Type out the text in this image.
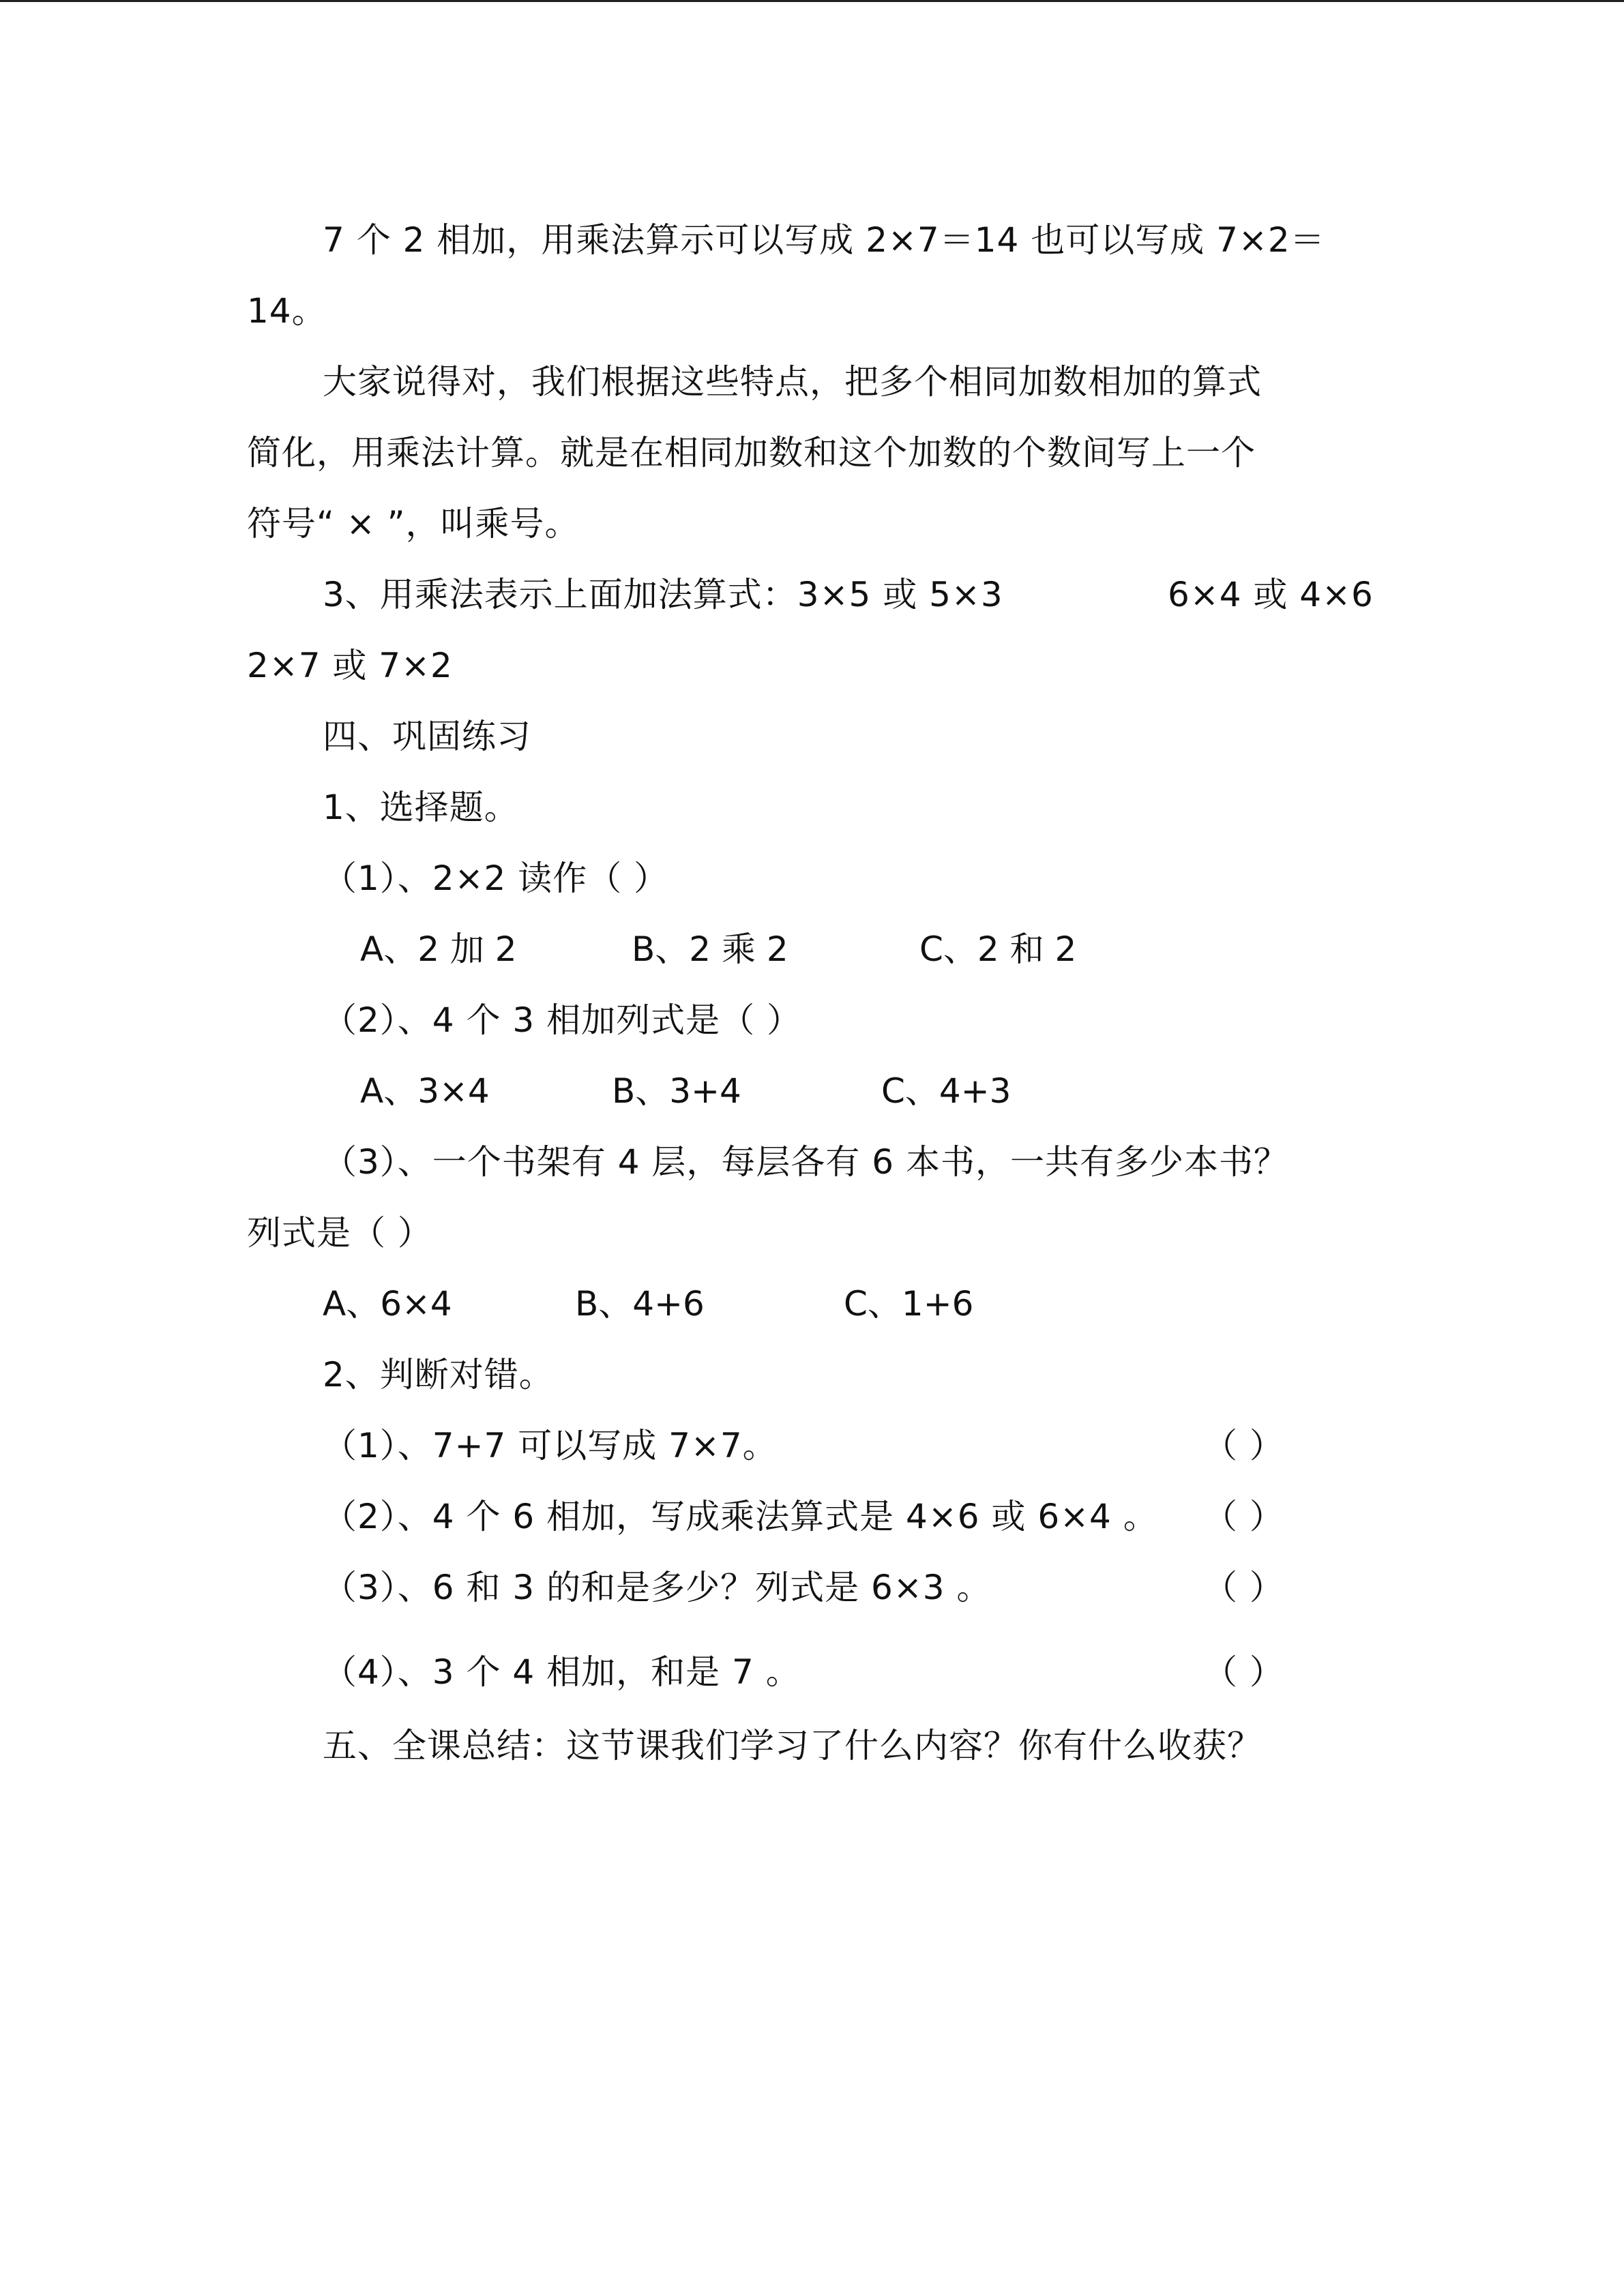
7 个 2 相加，用乘法算示可以写成 2×7＝14 也可以写成 7×2＝
14。
大家说得对，我们根据这些特点，把多个相同加数相加的算式
简化，用乘法计算。就是在相同加数和这个加数的个数间写上一个
符号“ × ”，叫乘号。
3、用乘法表示上面加法算式：3×5 或 5×3	6×4 或 4×6
2×7 或 7×2
四、巩固练习
1、选择题。
（1）、2×2 读作（ ）
A、2 加 2	B、2 乘 2	C、2 和 2
（2）、4 个 3 相加列式是（ ）
A、3×4	B、3+4	C、4+3
（3）、一个书架有 4 层，每层各有 6 本书，一共有多少本书？
列式是（ ）
A、6×4	B、4+6	C、1+6
2、判断对错。
（1）、7+7 可以写成 7×7。	（ ）
（2）、4 个 6 相加，写成乘法算式是 4×6 或 6×4 。 （ ）
（3）、6 和 3 的和是多少？列式是 6×3 。	（ ）
（4）、3 个 4 相加，和是 7 。	（ ）
五、全课总结：这节课我们学习了什么内容？你有什么收获？
